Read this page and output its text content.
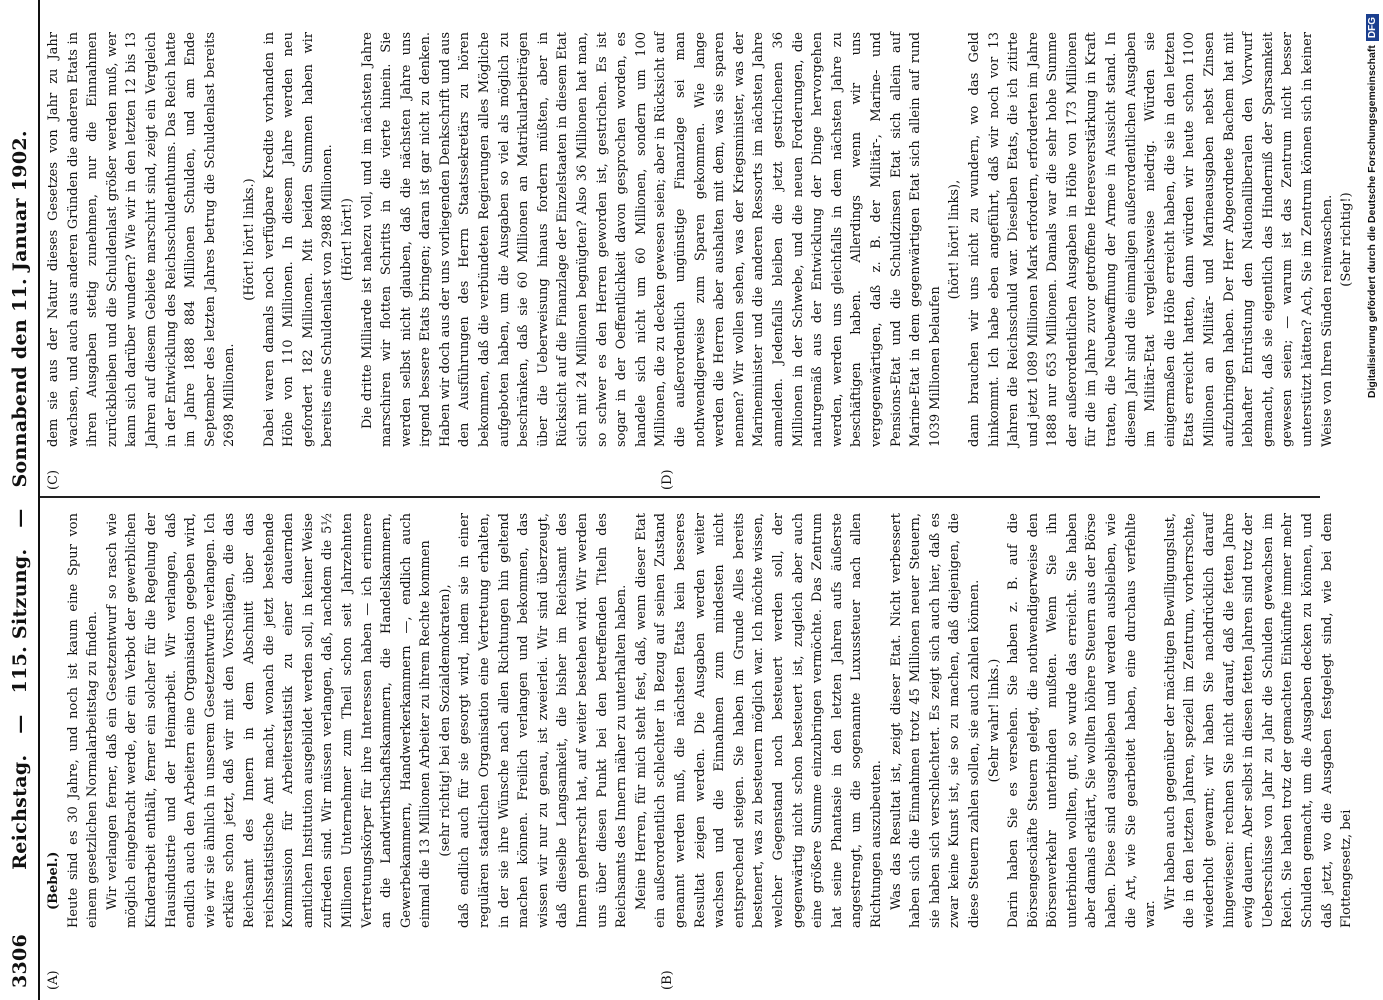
3306
Reichstag. — 115. Sitzung. — Sonnabend den 11. Januar 1902.
(A)	(B)
(C)	(D)

(Bebel.) Heute sind es 30 Jahre, und noch ist kaum eine Spur von einem gesetzlichen Normalarbeitstag zu finden. Wir verlangen ferner, daß ein Gesetzentwurf so rasch wie möglich eingebracht werde, der ein Verbot der gewerblichen Kinderarbeit enthält, ferner ein solcher für die Regelung der Hausindustrie und der Heimarbeit. Wir verlangen, daß endlich auch den Arbeitern eine Organisation gegeben wird, wie wir sie ähnlich in unserem Gesetzentwurfe verlangen. Ich erkläre schon jetzt, daß wir mit den Vorschlägen, die das Reichsamt des Innern in dem Abschnitt über das reichsstatistische Amt macht, wonach die jetzt bestehende Kommission für Arbeiterstatistik zu einer dauernden amtlichen Institution ausgebildet werden soll, in keiner Weise zufrieden sind. Wir müssen verlangen, daß, nachdem die 5½ Millionen Unternehmer zum Theil schon seit Jahrzehnten Vertretungskörper für ihre Interessen haben — ich erinnere an die Landwirthschaftskammern, die Handelskammern, Gewerbekammern, Handwerkerkammern —, endlich auch einmal die 13 Millionen Arbeiter zu ihrem Rechte kommen (sehr richtig! bei den Sozialdemokraten), daß endlich auch für sie gesorgt wird, indem sie in einer regulären staatlichen Organisation eine Vertretung erhalten, in der sie ihre Wünsche nach allen Richtungen hin geltend machen können. Freilich verlangen und bekommen, das wissen wir nur zu genau, ist zweierlei. Wir sind überzeugt, daß dieselbe Langsamkeit, die bisher im Reichsamt des Innern geherrscht hat, auf weiter bestehen wird. Wir werden uns über diesen Punkt bei den betreffenden Titeln des Reichsamts des Innern näher zu unterhalten haben. Meine Herren, für mich steht fest, daß, wenn dieser Etat ein außerordentlich schlechter in Bezug auf seinen Zustand genannt werden muß, die nächsten Etats kein besseres Resultat zeigen werden. Die Ausgaben werden weiter wachsen und die Einnahmen zum mindesten nicht entsprechend steigen. Sie haben im Grunde Alles bereits bestenert, was zu besteuern möglich war. Ich möchte wissen, welcher Gegenstand noch besteuert werden soll, der gegenwärtig nicht schon besteuert ist, zugleich aber auch eine größere Summe einzubringen vermöchte. Das Zentrum hat seine Phantasie in den letzten Jahren aufs äußerste angestrengt, um die sogenannte Luxussteuer nach allen Richtungen auszubeuten. Was das Resultat ist, zeigt dieser Etat. Nicht verbessert haben sich die Einnahmen trotz 45 Millionen neuer Steuern, sie haben sich verschlechtert. Es zeigt sich auch hier, daß es zwar keine Kunst ist, sie so zu machen, daß diejenigen, die diese Steuern zahlen sollen, sie auch zahlen können. (Sehr wahr! links.) Darin haben Sie es versehen. Sie haben z. B. auf die Börsengeschäfte Steuern gelegt, die nothwendigerweise den Börsenverkehr unterbinden mußten. Wenn Sie ihn unterbinden wollten, gut, so wurde das erreicht. Sie haben aber damals erklärt, Sie wollten höhere Steuern aus der Börse haben. Diese sind ausgeblieben und werden ausbleiben, wie die Art, wie Sie gearbeitet haben, eine durchaus verfehlte war.

Wir haben auch gegenüber der mächtigen Bewilligungslust, die in den letzten Jahren, speziell im Zentrum, vorherrschte, wiederholt gewarnt; wir haben Sie nachdrücklich darauf hingewiesen: rechnen Sie nicht darauf, daß die fetten Jahre ewig dauern. Aber selbst in diesen fetten Jahren sind trotz der Ueberschüsse von Jahr zu Jahr die Schulden gewachsen im Reich. Sie haben trotz der gemachten Einkünfte immer mehr Schulden gemacht, um die Ausgaben decken zu können, und daß jetzt, wo die Ausgaben festgelegt sind, wie bei dem Flottengesetz, bei

dem sie aus der Natur dieses Gesetzes von Jahr zu Jahr wachsen, und auch aus anderen Gründen die anderen Etats in ihren Ausgaben stetig zunehmen, nur die Einnahmen zurückbleiben und die Schuldenlast größer werden muß, wer kann sich darüber wundern? Wie wir in den letzten 12 bis 13 Jahren auf diesem Gebiete marschirt sind, zeigt ein Vergleich in der Entwicklung des Reichsschuldenthums. Das Reich hatte im Jahre 1888 884 Millionen Schulden, und am Ende September des letzten Jahres betrug die Schuldenlast bereits 2698 Millionen.

(Hört! hört! links.) Dabei waren damals noch verfügbare Kredite vorhanden in Höhe von 110 Millionen. In diesem Jahre werden neu gefordert 182 Millionen. Mit beiden Summen haben wir bereits eine Schuldenlast von 2988 Millionen. (Hört! hört!) Die dritte Milliarde ist nahezu voll, und im nächsten Jahre marschiren wir flotten Schritts in die vierte hinein. Sie werden selbst nicht glauben, daß die nächsten Jahre uns irgend bessere Etats bringen; daran ist gar nicht zu denken. Haben wir doch aus der uns vorliegenden Denkschrift und aus den Ausführungen des Herrn Staatssekretärs zu hören bekommen, daß die verbündeten Regierungen alles Mögliche aufgeboten haben, um die Ausgaben so viel als möglich zu beschränken, daß sie 60 Millionen an Matrikularbeiträgen über die Ueberweisung hinaus fordern müßten, aber in Rücksicht auf die Finanzlage der Einzelstaaten in diesem Etat sich mit 24 Millionen begnügten? Also 36 Millionen hat man, so schwer es den Herren geworden ist, gestrichen. Es ist sogar in der Oeffentlichkeit davon gesprochen worden, es handele sich nicht um 60 Millionen, sondern um 100 Millionen, die zu decken gewesen seien; aber in Rücksicht auf die außerordentlich ungünstige Finanzlage sei man nothwendigerweise zum Sparen gekommen. Wie lange werden die Herren aber aushalten mit dem, was sie sparen nennen? Wir wollen sehen, was der Kriegsminister, was der Marineminister und die anderen Ressorts im nächsten Jahre anmelden. Jedenfalls bleiben die jetzt gestrichenen 36 Millionen in der Schwebe, und die neuen Forderungen, die naturgemäß aus der Entwicklung der Dinge hervorgehen werden, werden uns gleichfalls in dem nächsten Jahre zu beschäftigen haben. Allerdings wenn wir uns vergegenwärtigen, daß z. B. der Militär-, Marine- und Pensions-Etat und die Schuldzinsen Etat sich allein auf Marine-Etat in dem gegenwärtigen Etat sich allein auf rund 1039 Millionen belaufen

(hört! hört! links), dann brauchen wir uns nicht zu wundern, wo das Geld hinkommt. Ich habe eben angeführt, daß wir noch vor 13 Jahren die Reichsschuld war. Dieselben Etats, die ich zitirte und jetzt 1089 Millionen Mark erfordern, erforderten im Jahre 1888 nur 653 Millionen. Damals war die sehr hohe Summe der außerordentlichen Ausgaben in Höhe von 173 Millionen für die im Jahre zuvor getroffene Heeresverstärkung in Kraft traten, die Neubewaffnung der Armee in Aussicht stand. In diesem Jahr sind die einmaligen außerordentlichen Ausgaben im Militär-Etat vergleichsweise niedrig. Würden sie einigermaßen die Höhe erreicht haben, die sie in den letzten Etats erreicht hatten, dann würden wir heute schon 1100 Millionen an Militär- und Marineausgaben nebst Zinsen aufzubringen haben. Der Herr Abgeordnete Bachem hat mit lebhafter Entrüstung den Nationalliberalen den Vorwurf gemacht, daß sie eigentlich das Hinderniß der Sparsamkeit gewesen seien; — warum ist das Zentrum nicht besser unterstützt hätten? Ach, Sie im Zentrum können sich in keiner Weise von Ihren Sünden reinwaschen. (Sehr richtig!) Digitalisierung gefördert durch die Deutsche Forschungsgemeinschaft
DFG
